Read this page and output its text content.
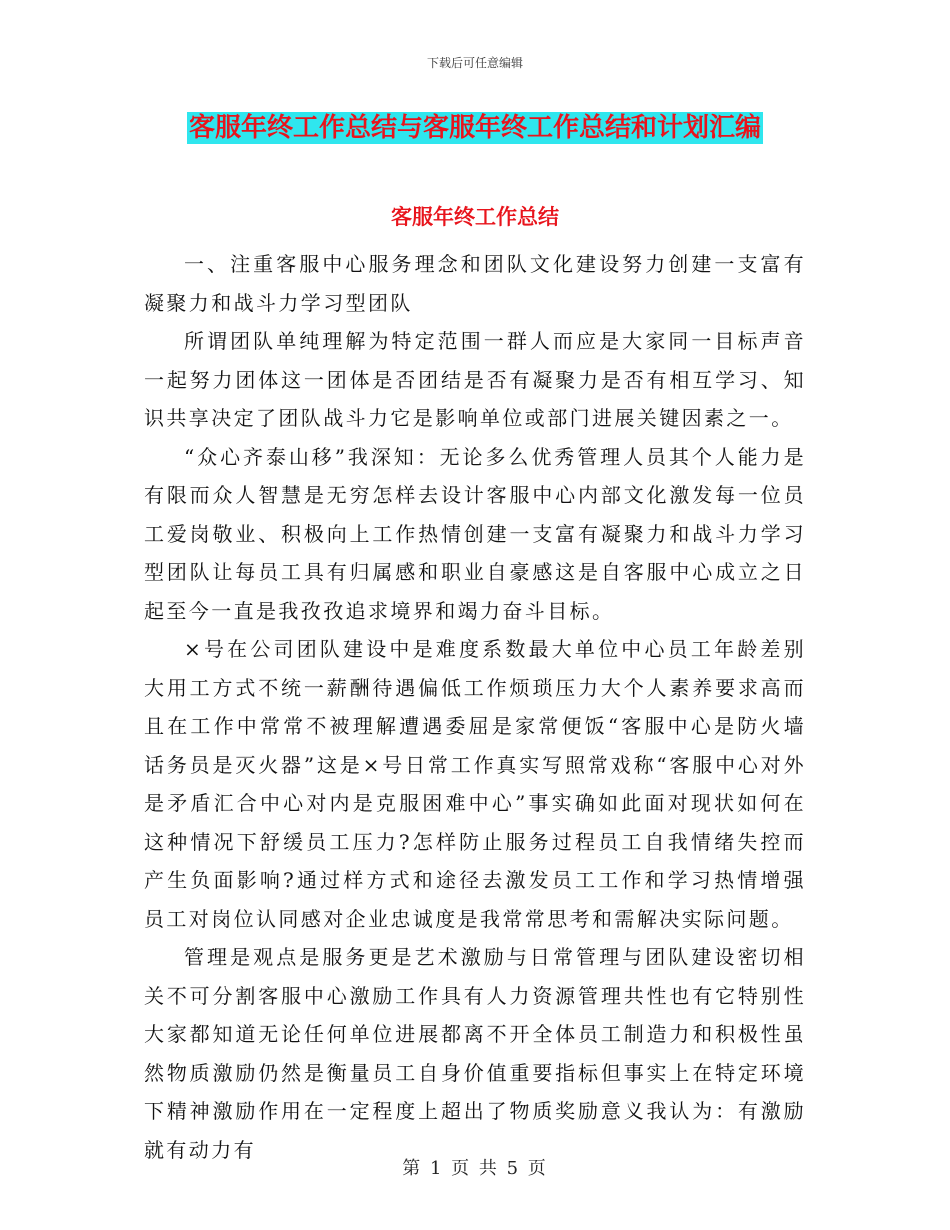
下载后可任意编辑
客服年终工作总结与客服年终工作总结和计划汇编
客服年终工作总结

一、注重客服中心服务理念和团队文化建设努力创建一支富有凝聚力和战斗力学习型团队

所谓团队单纯理解为特定范围一群人而应是大家同一目标声音一起努力团体这一团体是否团结是否有凝聚力是否有相互学习、知识共享决定了团队战斗力它是影响单位或部门进展关键因素之一。

“众心齐泰山移”我深知：无论多么优秀管理人员其个人能力是有限而众人智慧是无穷怎样去设计客服中心内部文化激发每一位员工爱岗敬业、积极向上工作热情创建一支富有凝聚力和战斗力学习型团队让每员工具有归属感和职业自豪感这是自客服中心成立之日起至今一直是我孜孜追求境界和竭力奋斗目标。

×号在公司团队建设中是难度系数最大单位中心员工年龄差别大用工方式不统一薪酬待遇偏低工作烦琐压力大个人素养要求高而且在工作中常常不被理解遭遇委屈是家常便饭“客服中心是防火墙话务员是灭火器”这是×号日常工作真实写照常戏称“客服中心对外是矛盾汇合中心对内是克服困难中心”事实确如此面对现状如何在这种情况下舒缓员工压力?怎样防止服务过程员工自我情绪失控而产生负面影响?通过样方式和途径去激发员工工作和学习热情增强员工对岗位认同感对企业忠诚度是我常常思考和需解决实际问题。

管理是观点是服务更是艺术激励与日常管理与团队建设密切相关不可分割客服中心激励工作具有人力资源管理共性也有它特别性大家都知道无论任何单位进展都离不开全体员工制造力和积极性虽然物质激励仍然是衡量员工自身价值重要指标但事实上在特定环境下精神激励作用在一定程度上超出了物质奖励意义我认为：有激励就有动力有

第 1 页 共 5 页
